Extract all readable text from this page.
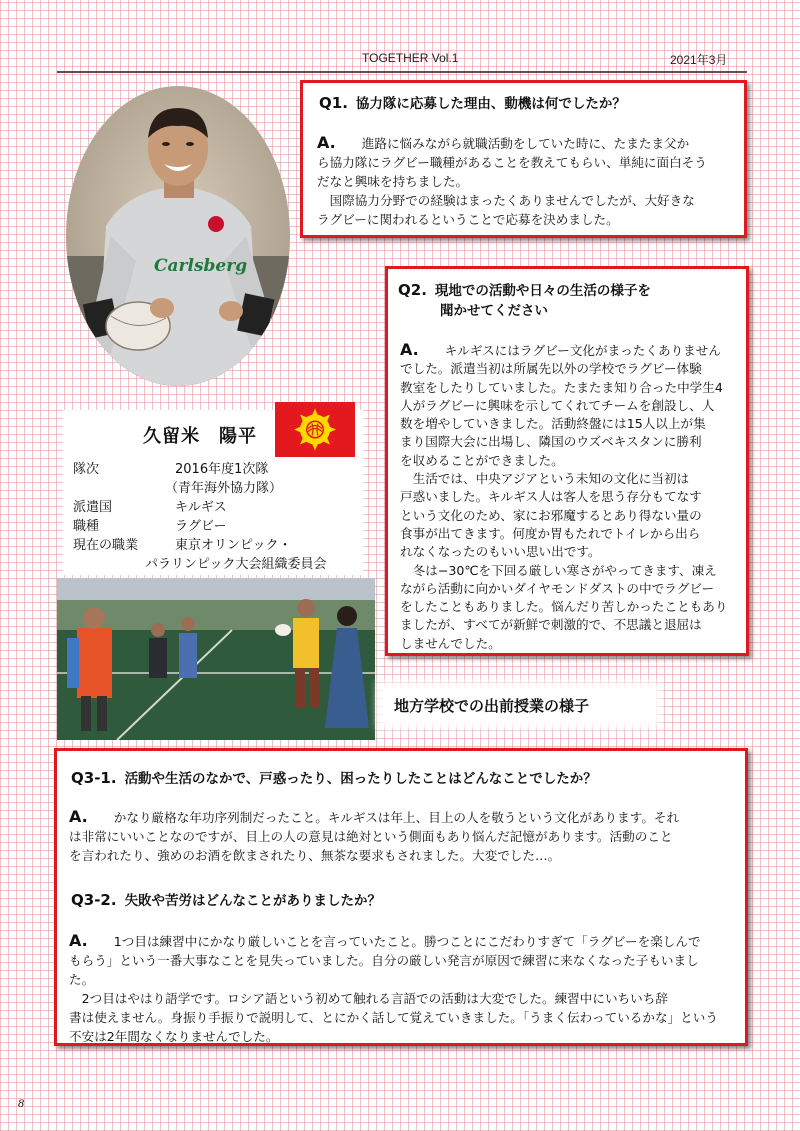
TOGETHER Vol.1	2021年3月
Carlsberg
Q1. 協力隊に応募した理由、動機は何でしたか？

A. 進路に悩みながら就職活動をしていた時に、たまたま父か

ら協力隊にラグビー職種があることを教えてもらい、単純に面白そう

だなと興味を持ちました。

国際協力分野での経験はまったくありませんでしたが、大好きな

ラグビーに関われるということで応募を決めました。

Q2. 現地での活動や日々の生活の様子を
聞かせてください

A. キルギスにはラグビー文化がまったくありません

でした。派遣当初は所属先以外の学校でラグビー体験

教室をしたりしていました。たまたま知り合った中学生4

人がラグビーに興味を示してくれてチームを創設し、人

数を増やしていきました。活動終盤には15人以上が集

まり国際大会に出場し、隣国のウズベキスタンに勝利

を収めることができました。

生活では、中央アジアという未知の文化に当初は

戸惑いました。キルギス人は客人を思う存分もてなす

という文化のため、家にお邪魔するとあり得ない量の

食事が出てきます。何度か胃もたれでトイレから出ら

れなくなったのもいい思い出です。

冬は−30℃を下回る厳しい寒さがやってきます、凍え

ながら活動に向かいダイヤモンドダストの中でラグビー

をしたこともありました。悩んだり苦しかったこともあり

ましたが、すべてが新鮮で刺激的で、不思議と退屈は

しませんでした。

久留米　陽平
隊次	2016年度1次隊
（青年海外協力隊）
派遣国	キルギス
職種	ラグビー
現在の職業	東京オリンピック・
パラリンピック大会組織委員会
地方学校での出前授業の様子
Q3-1. 活動や生活のなかで、戸惑ったり、困ったりしたことはどんなことでしたか？

A. かなり厳格な年功序列制だったこと。キルギスは年上、目上の人を敬うという文化があります。それ

は非常にいいことなのですが、目上の人の意見は絶対という側面もあり悩んだ記憶があります。活動のこと

を言われたり、強めのお酒を飲まされたり、無茶な要求もされました。大変でした…。

Q3-2. 失敗や苦労はどんなことがありましたか？

A. 1つ目は練習中にかなり厳しいことを言っていたこと。勝つことにこだわりすぎて「ラグビーを楽しんで

もらう」という一番大事なことを見失っていました。自分の厳しい発言が原因で練習に来なくなった子もいまし

た。

2つ目はやはり語学です。ロシア語という初めて触れる言語での活動は大変でした。練習中にいちいち辞

書は使えません。身振り手振りで説明して、とにかく話して覚えていきました。「うまく伝わっているかな」という

不安は2年間なくなりませんでした。

8
